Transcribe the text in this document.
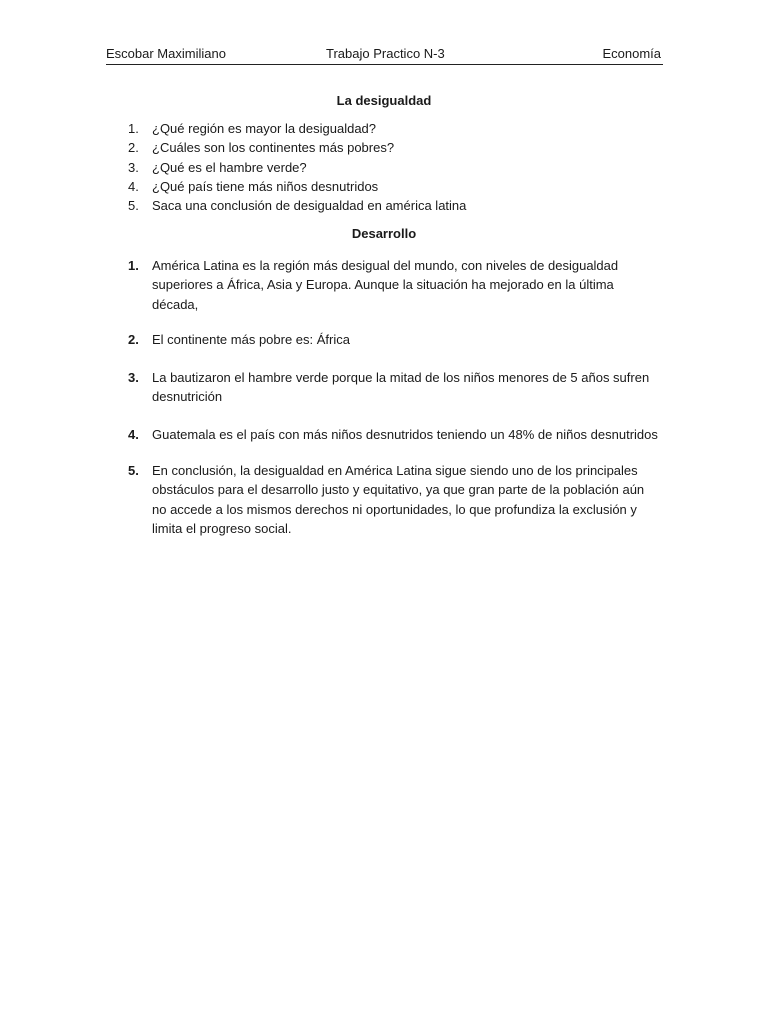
Escobar Maximiliano	Trabajo Practico N-3	Economía
La desigualdad
1. ¿Qué región es mayor la desigualdad?
2. ¿Cuáles son los continentes más pobres?
3. ¿Qué es el hambre verde?
4. ¿Qué país tiene más niños desnutridos
5. Saca una conclusión de desigualdad en américa latina
Desarrollo
1. América Latina es la región más desigual del mundo, con niveles de desigualdad superiores a África, Asia y Europa. Aunque la situación ha mejorado en la última década,
2. El continente más pobre es: África
3. La bautizaron el hambre verde porque la mitad de los niños menores de 5 años sufren desnutrición
4. Guatemala es el país con más niños desnutridos teniendo un 48% de niños desnutridos
5. En conclusión, la desigualdad en América Latina sigue siendo uno de los principales obstáculos para el desarrollo justo y equitativo, ya que gran parte de la población aún no accede a los mismos derechos ni oportunidades, lo que profundiza la exclusión y limita el progreso social.
